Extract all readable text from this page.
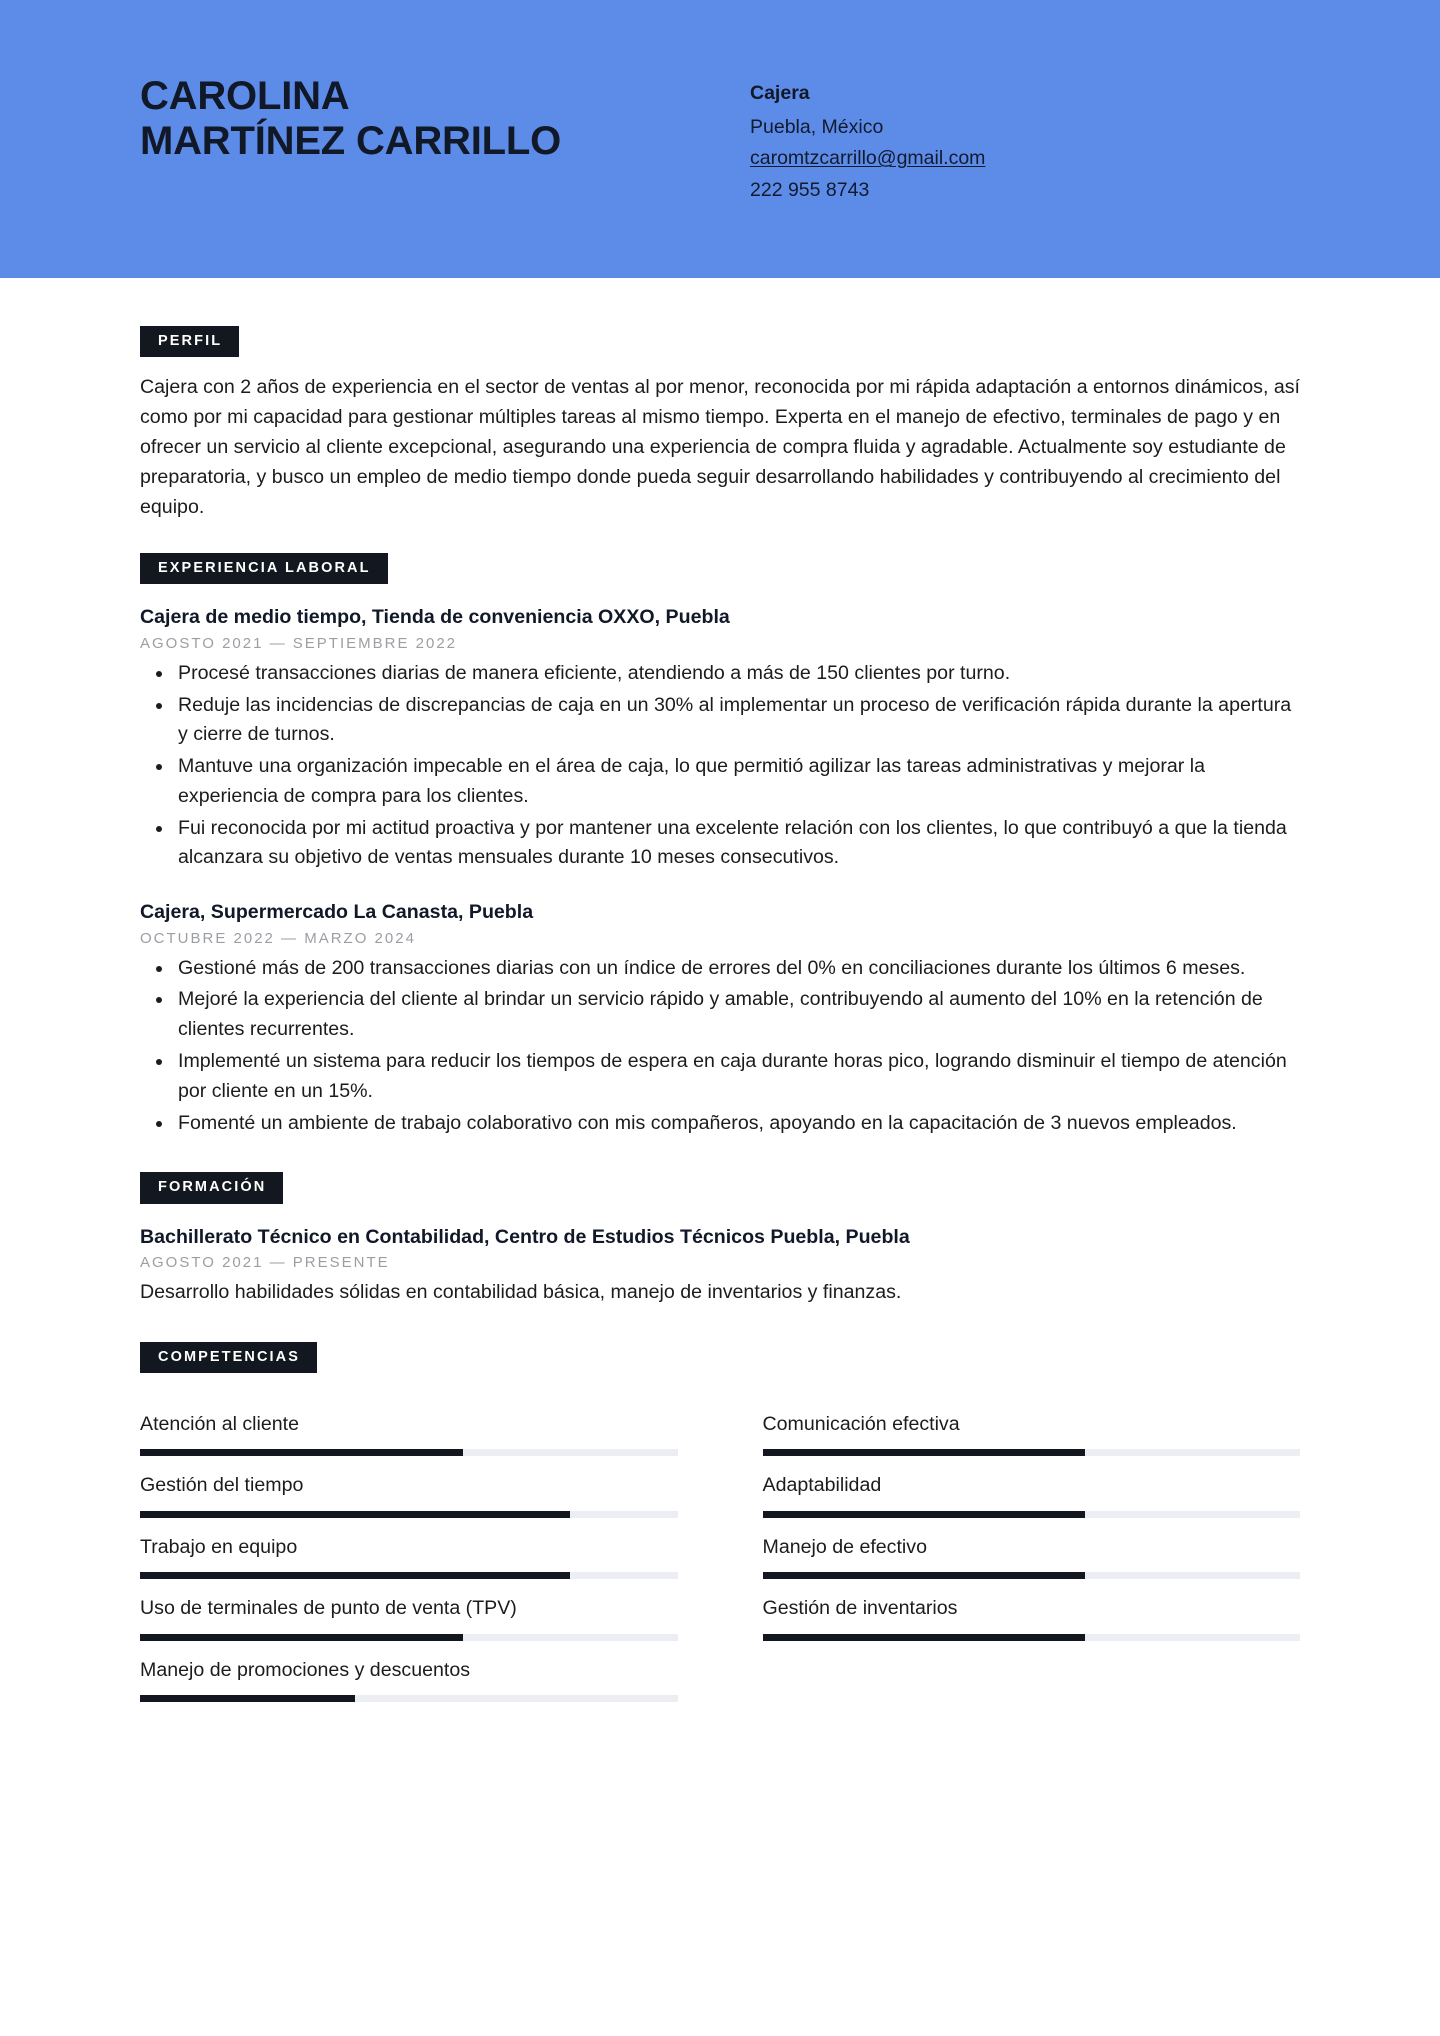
CAROLINA
MARTÍNEZ CARRILLO
Cajera
Puebla, México
caromtzcarrillo@gmail.com
222 955 8743
PERFIL

Cajera con 2 años de experiencia en el sector de ventas al por menor, reconocida por mi rápida adaptación a entornos dinámicos, así como por mi capacidad para gestionar múltiples tareas al mismo tiempo. Experta en el manejo de efectivo, terminales de pago y en ofrecer un servicio al cliente excepcional, asegurando una experiencia de compra fluida y agradable. Actualmente soy estudiante de preparatoria, y busco un empleo de medio tiempo donde pueda seguir desarrollando habilidades y contribuyendo al crecimiento del equipo.

EXPERIENCIA LABORAL
Cajera de medio tiempo, Tienda de conveniencia OXXO, Puebla
AGOSTO 2021 — SEPTIEMBRE 2022
Procesé transacciones diarias de manera eficiente, atendiendo a más de 150 clientes por turno.
Reduje las incidencias de discrepancias de caja en un 30% al implementar un proceso de verificación rápida durante la apertura y cierre de turnos.
Mantuve una organización impecable en el área de caja, lo que permitió agilizar las tareas administrativas y mejorar la experiencia de compra para los clientes.
Fui reconocida por mi actitud proactiva y por mantener una excelente relación con los clientes, lo que contribuyó a que la tienda alcanzara su objetivo de ventas mensuales durante 10 meses consecutivos.
Cajera, Supermercado La Canasta, Puebla
OCTUBRE 2022 — MARZO 2024
Gestioné más de 200 transacciones diarias con un índice de errores del 0% en conciliaciones durante los últimos 6 meses.
Mejoré la experiencia del cliente al brindar un servicio rápido y amable, contribuyendo al aumento del 10% en la retención de clientes recurrentes.
Implementé un sistema para reducir los tiempos de espera en caja durante horas pico, logrando disminuir el tiempo de atención por cliente en un 15%.
Fomenté un ambiente de trabajo colaborativo con mis compañeros, apoyando en la capacitación de 3 nuevos empleados.
FORMACIÓN
Bachillerato Técnico en Contabilidad, Centro de Estudios Técnicos Puebla, Puebla
AGOSTO 2021 — PRESENTE
Desarrollo habilidades sólidas en contabilidad básica, manejo de inventarios y finanzas.
COMPETENCIAS
Atención al cliente	Comunicación efectiva
Gestión del tiempo	Adaptabilidad
Trabajo en equipo	Manejo de efectivo
Uso de terminales de punto de venta (TPV)	Gestión de inventarios
Manejo de promociones y descuentos
